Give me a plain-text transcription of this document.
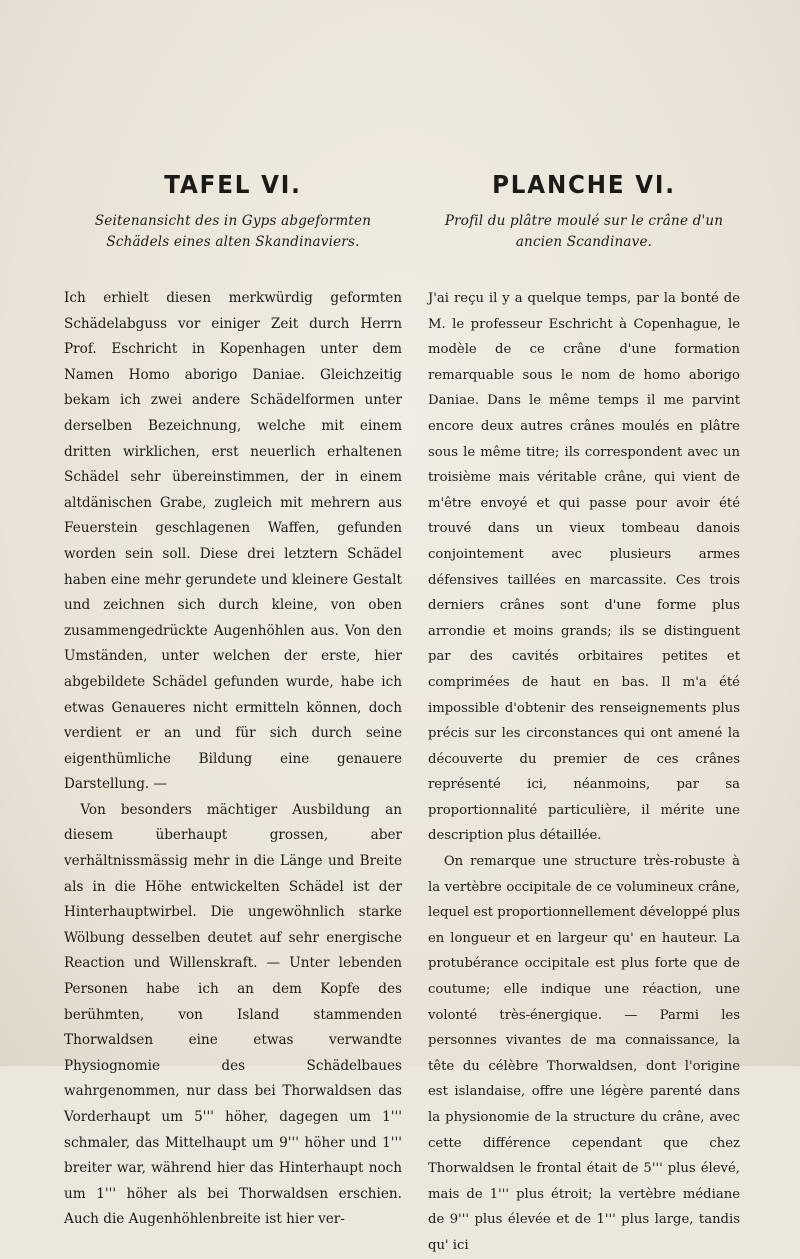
TAFEL VI.
Seitenansicht des in Gyps abgeformten Schädels eines alten Skandinaviers.

Ich erhielt diesen merkwürdig geformten Schädelabguss vor einiger Zeit durch Herrn Prof. Eschricht in Kopenhagen unter dem Namen Homo aborigo Daniae. Gleichzeitig bekam ich zwei andere Schädelformen unter derselben Bezeichnung, welche mit einem dritten wirklichen, erst neuerlich erhaltenen Schädel sehr übereinstimmen, der in einem altdänischen Grabe, zugleich mit mehrern aus Feuerstein geschlagenen Waffen, gefunden worden sein soll. Diese drei letztern Schädel haben eine mehr gerundete und kleinere Gestalt und zeichnen sich durch kleine, von oben zusammengedrückte Augenhöhlen aus. Von den Umständen, unter welchen der erste, hier abgebildete Schädel gefunden wurde, habe ich etwas Genaueres nicht ermitteln können, doch verdient er an und für sich durch seine eigenthümliche Bildung eine genauere Darstellung. —

Von besonders mächtiger Ausbildung an diesem überhaupt grossen, aber verhältnissmässig mehr in die Länge und Breite als in die Höhe entwickelten Schädel ist der Hinterhauptwirbel. Die ungewöhnlich starke Wölbung desselben deutet auf sehr energische Reaction und Willenskraft. — Unter lebenden Personen habe ich an dem Kopfe des berühmten, von Island stammenden Thorwaldsen eine etwas verwandte Physiognomie des Schädelbaues wahrgenommen, nur dass bei Thorwaldsen das Vorderhaupt um 5''' höher, dagegen um 1''' schmaler, das Mittelhaupt um 9''' höher und 1''' breiter war, während hier das Hinterhaupt noch um 1''' höher als bei Thorwaldsen erschien. Auch die Augenhöhlenbreite ist hier ver-

PLANCHE VI.
Profil du plâtre moulé sur le crâne d'un ancien Scandinave.

J'ai reçu il y a quelque temps, par la bonté de M. le professeur Eschricht à Copenhague, le modèle de ce crâne d'une formation remarquable sous le nom de homo aborigo Daniae. Dans le même temps il me parvint encore deux autres crânes moulés en plâtre sous le même titre; ils correspondent avec un troisième mais véritable crâne, qui vient de m'être envoyé et qui passe pour avoir été trouvé dans un vieux tombeau danois conjointement avec plusieurs armes défensives taillées en marcassite. Ces trois derniers crânes sont d'une forme plus arrondie et moins grands; ils se distinguent par des cavités orbitaires petites et comprimées de haut en bas. Il m'a été impossible d'obtenir des renseignements plus précis sur les circonstances qui ont amené la découverte du premier de ces crânes représenté ici, néanmoins, par sa proportionnalité particulière, il mérite une description plus détaillée.

On remarque une structure très-robuste à la vertèbre occipitale de ce volumineux crâne, lequel est proportionnellement développé plus en longueur et en largeur qu' en hauteur. La protubérance occipitale est plus forte que de coutume; elle indique une réaction, une volonté très-énergique. — Parmi les personnes vivantes de ma connaissance, la tête du célèbre Thorwaldsen, dont l'origine est islandaise, offre une légère parenté dans la physionomie de la structure du crâne, avec cette différence cependant que chez Thorwaldsen le frontal était de 5''' plus élevé, mais de 1''' plus étroit; la vertèbre médiane de 9''' plus élevée et de 1''' plus large, tandis qu' ici
